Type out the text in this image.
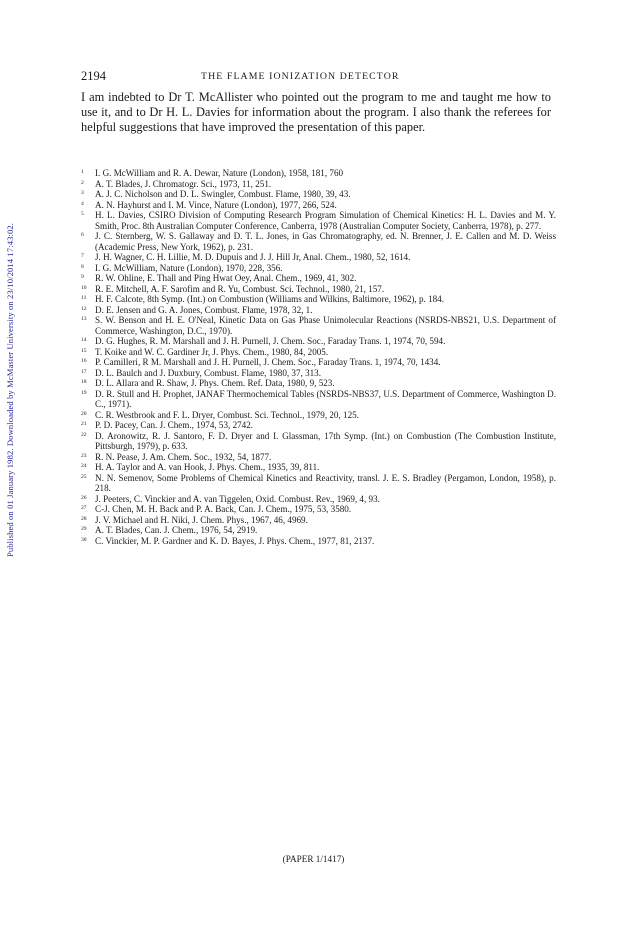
Published on 01 January 1982. Downloaded by McMaster University on 23/10/2014 17:43:02.
2194	THE FLAME IONIZATION DETECTOR

I am indebted to Dr T. McAllister who pointed out the program to me and taught me how to use it, and to Dr H. L. Davies for information about the program. I also thank the referees for helpful suggestions that have improved the presentation of this paper.

1	I. G. McWilliam and R. A. Dewar, Nature (London), 1958, 181, 760
2	A. T. Blades, J. Chromatogr. Sci., 1973, 11, 251.
3	A. J. C. Nicholson and D. L. Swingler, Combust. Flame, 1980, 39, 43.
4	A. N. Hayhurst and I. M. Vince, Nature (London), 1977, 266, 524.
5	H. L. Davies, CSIRO Division of Computing Research Program Simulation of Chemical Kinetics: H. L. Davies and M. Y. Smith, Proc. 8th Australian Computer Conference, Canberra, 1978 (Australian Computer Society, Canberra, 1978), p. 277.
6	J. C. Sternberg, W. S. Gallaway and D. T. L. Jones, in Gas Chromatography, ed. N. Brenner, J. E. Callen and M. D. Weiss (Academic Press, New York, 1962), p. 231.
7	J. H. Wagner, C. H. Lillie, M. D. Dupuis and J. J. Hill Jr, Anal. Chem., 1980, 52, 1614.
8	I. G. McWilliam, Nature (London), 1970, 228, 356.
9	R. W. Ohline, E. Thall and Ping Hwat Oey, Anal. Chem., 1969, 41, 302.
10 R. E. Mitchell, A. F. Sarofim and R. Yu, Combust. Sci. Technol., 1980, 21, 157.
11 H. F. Calcote, 8th Symp. (Int.) on Combustion (Williams and Wilkins, Baltimore, 1962), p. 184.
12 D. E. Jensen and G. A. Jones, Combust. Flame, 1978, 32, 1.
13 S. W. Benson and H. E. O'Neal, Kinetic Data on Gas Phase Unimolecular Reactions (NSRDS-NBS21, U.S. Department of Commerce, Washington, D.C., 1970).
14 D. G. Hughes, R. M. Marshall and J. H. Purnell, J. Chem. Soc., Faraday Trans. 1, 1974, 70, 594.
15 T. Koike and W. C. Gardiner Jr, J. Phys. Chem., 1980, 84, 2005.
16 P. Camilleri, R M. Marshall and J. H. Purnell, J. Chem. Soc., Faraday Trans. 1, 1974, 70, 1434.
17 D. L. Baulch and J. Duxbury, Combust. Flame, 1980, 37, 313.
18 D. L. Allara and R. Shaw, J. Phys. Chem. Ref. Data, 1980, 9, 523.
19 D. R. Stull and H. Prophet, JANAF Thermochemical Tables (NSRDS-NBS37, U.S. Department of Commerce, Washington D. C., 1971).
20 C. R. Westbrook and F. L. Dryer, Combust. Sci. Technol., 1979, 20, 125.
21 P. D. Pacey, Can. J. Chem., 1974, 53, 2742.
22 D. Aronowitz, R. J. Santoro, F. D. Dryer and I. Glassman, 17th Symp. (Int.) on Combustion (The Combustion Institute, Pittsburgh, 1979), p. 633.
23 R. N. Pease, J. Am. Chem. Soc., 1932, 54, 1877.
24 H. A. Taylor and A. van Hook, J. Phys. Chem., 1935, 39, 811.
25 N. N. Semenov, Some Problems of Chemical Kinetics and Reactivity, transl. J. E. S. Bradley (Pergamon, London, 1958), p. 218.
26 J. Peeters, C. Vinckier and A. van Tiggelen, Oxid. Combust. Rev., 1969, 4, 93.
27 C-J. Chen, M. H. Back and P. A. Back, Can. J. Chem., 1975, 53, 3580.
28 J. V. Michael and H. Niki, J. Chem. Phys., 1967, 46, 4969.
29 A. T. Blades, Can. J. Chem., 1976, 54, 2919.
30 C. Vinckier, M. P. Gardner and K. D. Bayes, J. Phys. Chem., 1977, 81, 2137.
(PAPER 1/1417)
